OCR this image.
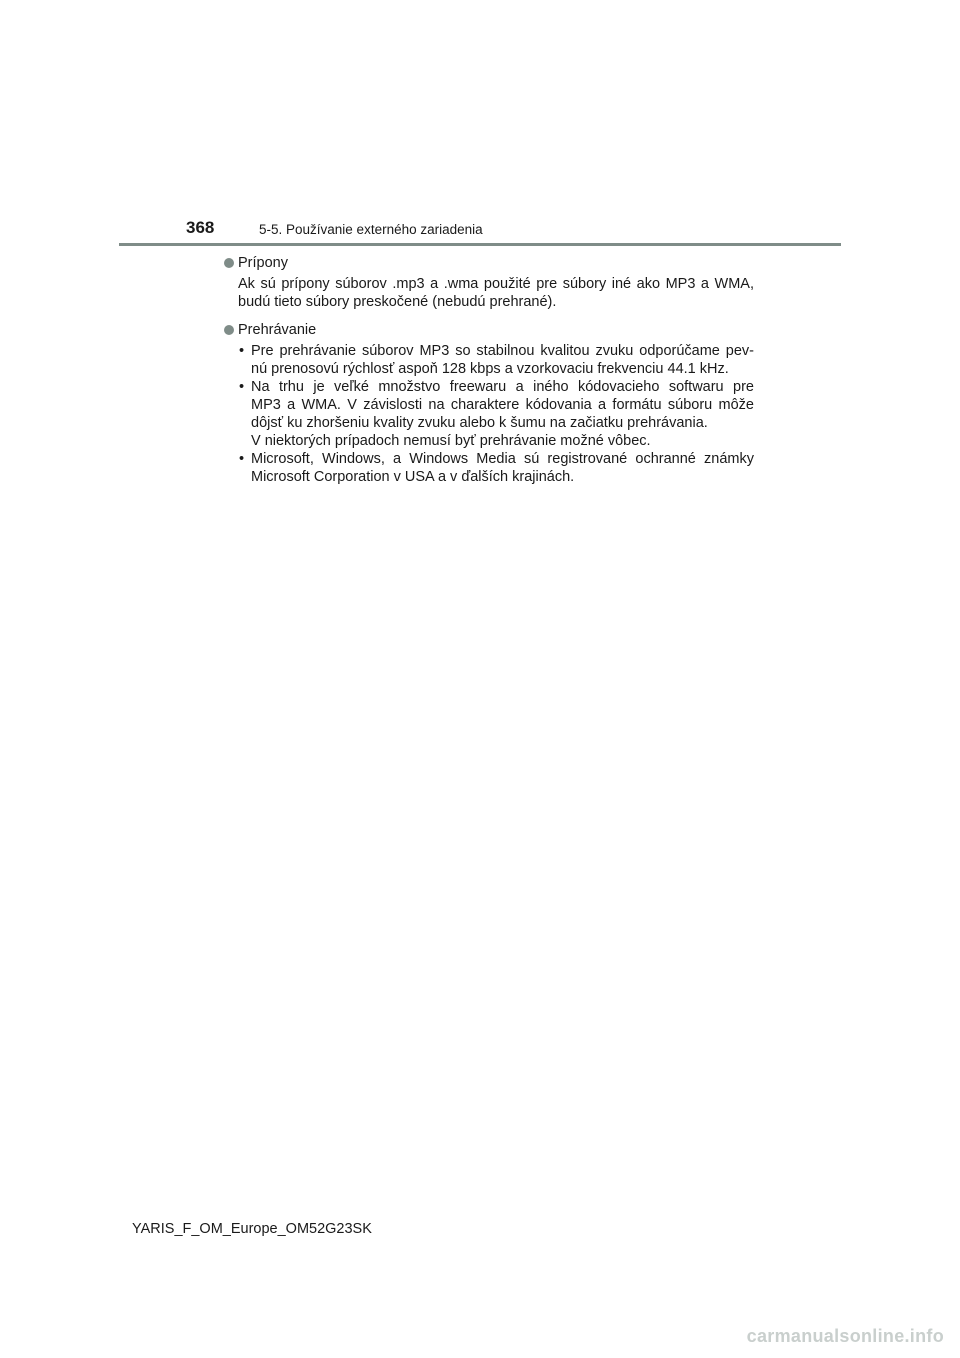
368	5-5. Používanie externého zariadenia
Prípony
Ak sú prípony súborov .mp3 a .wma použité pre súbory iné ako MP3 a WMA,
budú tieto súbory preskočené (nebudú prehrané).
Prehrávanie
• Pre prehrávanie súborov MP3 so stabilnou kvalitou zvuku odporúčame pev-
nú prenosovú rýchlosť aspoň 128 kbps a vzorkovaciu frekvenciu 44.1 kHz.
• Na trhu je veľké množstvo freewaru a iného kódovacieho softwaru pre
MP3 a WMA. V závislosti na charaktere kódovania a formátu súboru môže
dôjsť ku zhoršeniu kvality zvuku alebo k šumu na začiatku prehrávania.
V niektorých prípadoch nemusí byť prehrávanie možné vôbec.
• Microsoft, Windows, a Windows Media sú registrované ochranné známky
Microsoft Corporation v USA a v ďalších krajinách.
YARIS_F_OM_Europe_OM52G23SK
carmanualsonline.info
